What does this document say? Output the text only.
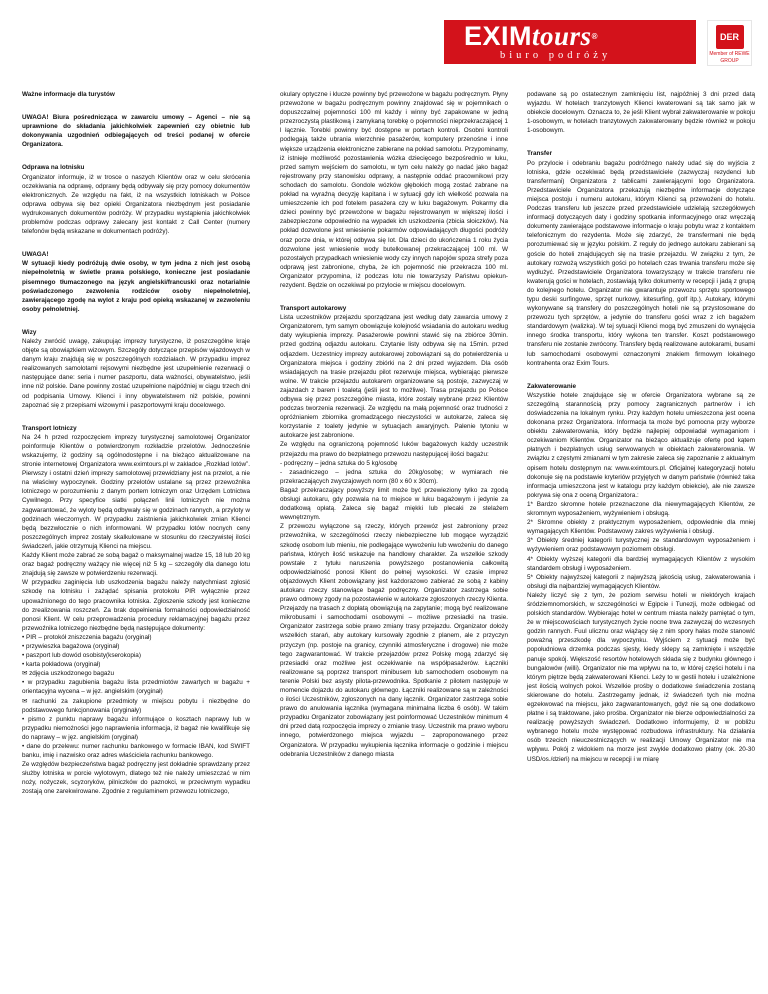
EXIMtours®
biuro podróży
DER
Member of REWE GROUP

Ważne informacje dla turystów

UWAGA! Biura pośrednicząca w zawarciu umowy – Agenci – nie są uprawnione do składania jakichkolwiek zapewnień czy obietnic lub dokonywania uzgodnień odbiegających od treści podanej w ofercie Organizatora.

Odprawa na lotnisku

Organizator informuje, iż w trosce o naszych Klientów oraz w celu skrócenia oczekiwania na odprawę, odprawy będą odbywały się przy pomocy dokumentów elektronicznych. Ze względu na fakt, iż na wszystkich lotniskach w Polsce odprawa odbywa się bez opieki Organizatora niezbędnym jest posiadanie wydrukowanych dokumentów podróży. W przypadku wystąpienia jakichkolwiek problemów podczas odprawy zalecany jest kontakt z Call Center (numery telefonów będą wskazane w dokumentach podróży).

UWAGA!

W sytuacji kiedy podróżują dwie osoby, w tym jedna z nich jest osobą niepełnoletnią w świetle prawa polskiego, konieczne jest posiadanie pisemnego tłumaczonego na język angielski/francuski oraz notarialnie poświadczonego zezwolenia rodziców osoby niepełnoletniej, zawierającego zgodę na wylot z kraju pod opieką wskazanej w zezwoleniu osoby pełnoletniej.

Wizy

Należy zwrócić uwagę, zakupując imprezy turystyczne, iż poszczególne kraje objęte są obowiązkiem wizowym. Szczegóły dotyczące przepisów wjazdowych w danym kraju znajdują się w poszczególnych rozdziałach. W przypadku imprez realizowanych samolotami rejsowymi niezbędne jest uzupełnienie rezerwacji o następujące dane: seria i numer paszportu, data ważności, obywatelstwo, jeśli inne niż polskie. Dane powinny zostać uzupełnione najpóźniej w ciągu trzech dni od podpisania Umowy. Klienci i inny obywatelstwem niż polskie, powinni zapoznać się z przepisami wizowymi i paszportowymi kraju docelowego.

Transport lotniczy

Na 24 h przed rozpoczęciem imprezy turystycznej samolotowej Organizator poinformuje Klientów o potwierdzonym rozkładzie przelotów. Jednocześnie wskazujemy, iż godziny są ogólnodostępne i na bieżąco aktualizowane na stronie internetowej Organizatora www.eximtours.pl w zakładce „Rozkład lotów”. Pierwszy i ostatni dzień imprezy samolotowej przewidziany jest na przelot, a nie na właściwy wypoczynek. Godziny przelotów ustalane są przez przewoźnika lotniczego w porozumieniu z danym portem lotniczym oraz Urzędem Lotnictwa Cywilnego. Przy specyfice siatki połączeń linii lotniczych nie można zagwarantować, że wyloty będą odbywały się w godzinach rannych, a przyloty w godzinach wieczornych. W przypadku zaistnienia jakichkolwiek zmian Klienci będą bezzwłocznie o nich informowani. W przypadku lotów nocnych ceny poszczególnych imprez zostały skalkulowane w stosunku do rzeczywistej ilości świadczeń, jakie otrzymują Klienci na miejscu.

Każdy Klient może zabrać ze sobą bagaż o maksymalnej wadze 15, 18 lub 20 kg oraz bagaż podręczny ważący nie więcej niż 5 kg – szczegóły dla danego lotu znajdują się zawsze w potwierdzeniu rezerwacji.

W przypadku zaginięcia lub uszkodzenia bagażu należy natychmiast zgłosić szkodę na lotnisku i zażądać spisania protokołu PIR wyłącznie przez upoważnionego do tego pracownika lotniska. Zgłoszenie szkody jest konieczne do zrealizowania roszczeń. Za brak dopełnienia formalności odpowiedzialność ponosi Klient. W celu przeprowadzenia procedury reklamacyjnej bagażu przez przewoźnika lotniczego niezbędne będą następujące dokumenty:

• PIR – protokół zniszczenia bagażu (oryginał)
• przywieszka bagażowa (oryginał)
• paszport lub dowód osobisty(kserokopia)
• karta pokładowa (oryginał)
✉ zdjęcia uszkodzonego bagażu
• w przypadku zagubienia bagażu lista przedmiotów zawartych w bagażu + orientacyjna wycena – w jęz. angielskim (oryginał)
✉ rachunki za zakupione przedmioty w miejscu pobytu i niezbędne do podstawowego funkcjonowania (oryginały)
• pismo z punktu naprawy bagażu informujące o kosztach naprawy lub w przypadku niemożności jego naprawienia informacja, iż bagaż nie kwalifikuje się do naprawy – w jęz. angielskim (oryginał)
• dane do przelewu: numer rachunku bankowego w formacie IBAN, kod SWIFT banku, imię i nazwisko oraz adres właściciela rachunku bankowego.

Ze względów bezpieczeństwa bagaż podręczny jest dokładnie sprawdzany przez służby lotniska w porcie wylotowym, dlatego też nie należy umieszczać w nim noży, nożyczek, scyzoryków, pilniczków do paznokci, w przeciwnym wypadku zostają one zarekwirowane. Zgodnie z regulaminem przewozu lotniczego,

okulary optyczne i klucze powinny być przewożone w bagażu podręcznym. Płyny przewożone w bagażu podręcznym powinny znajdować się w pojemnikach o dopuszczalnej pojemności 100 ml każdy i winny być zapakowane w jedną przezroczystą plastikową i zamykaną torebkę o pojemności nieprzekraczającej 1 l łącznie. Torebki powinny być dostępne w portach kontroli. Osobni kontroli podlegają także ubrania wierzchnie pasażerów, komputery przenośne i inne większe urządzenia elektroniczne zabierane na pokład samolotu. Przypominamy, iż istnieje możliwość pozostawienia wózka dziecięcego bezpośrednio w luku, przed samym wejściem do samolotu, w tym celu należy go nadać jako bagaż rejestrowany przy stanowisku odprawy, a następnie oddać pracownikowi przy schodach do samolotu. Gondole wózków głębokich mogą zostać zabrane na pokład na wyraźną decyzję kapitana i w sytuacji gdy ich wielkość pozwala na umieszczenie ich pod fotelem pasażera czy w luku bagażowym. Pokarmy dla dzieci powinny być przewożone w bagażu rejestrowanym w większej ilości i zabezpieczone odpowiednio na wypadek ich uszkodzenia (zbicia słoiczków). Na pokład dozwolone jest wniesienie pokarmów odpowiadających długości podróży oraz porze dnia, w której odbywa się lot. Dla dzieci do ukończenia 1 roku życia dozwolone jest wniesienie wody butelkowanej przekraczającej 100 ml. W pozostałych przypadkach wniesienie wody czy innych napojów spoza strefy poza odprawą jest zabronione, chyba, że ich pojemność nie przekracza 100 ml. Organizator przypomina, iż podczas lotu nie towarzyszy Państwu opiekun-rezydent. Będzie on oczekiwał po przylocie w miejscu docelowym.

Transport autokarowy

Lista uczestników przejazdu sporządzana jest według daty zawarcia umowy z Organizatorem, tym samym obowiązuje kolejność wsiadania do autokaru według daty wykupienia imprezy. Pasażerowie powinni stawić się na zbiórce 30min. przed godziną odjazdu autokaru. Czytanie listy odbywa się na 15min. przed odjazdem. Uczestnicy imprezy autokarowej zobowiązani są do potwierdzenia u Organizatora miejsca i godziny zbiórki na 2 dni przed wyjazdem. Dla osób wsiadających na trasie przejazdu pilot rezerwuje miejsca, wybierając pierwsze wolne. W trakcie przejazdu autokarem organizowane są postoje, zazwyczaj w zajazdach z barem i toaletą (jeśli jest to możliwe). Trasa przejazdu po Polsce odbywa się przez poszczególne miasta, które zostały wybrane przez Klientów podczas tworzenia rezerwacji. Ze względu na małą pojemność oraz trudności z opróżnianiem zbiornika gromadzącego nieczystości w autokarze, zaleca się korzystanie z toalety jedynie w sytuacjach awaryjnych. Palenie tytoniu w autokarze jest zabronione.

Ze względu na ograniczoną pojemność luków bagażowych każdy uczestnik przejazdu ma prawo do bezpłatnego przewozu następującej ilości bagażu:

- podręczny – jedna sztuka do 5 kg/osobę
- zasadniczego – jedna sztuka do 20kg/osobę; w wymiarach nie przekraczających zwyczajowych norm (80 x 60 x 30cm).
Bagaż przekraczający powyższy limit może być przewieziony tylko za zgodą obsługi autokaru, gdy pozwala na to miejsce w luku bagażowym i jedynie za dodatkową opłatą. Zaleca się bagaż miękki lub plecaki ze stelażem wewnętrznym.

Z przewozu wyłączone są rzeczy, których przewóz jest zabroniony przez przewoźnika, w szczególności rzeczy niebezpieczne lub mogące wyrządzić szkodę osobom lub mieniu, nie podlegające wywożeniu lub wwożeniu do danego państwa, których ilość wskazuje na handlowy charakter. Za wszelkie szkody powstałe z tytułu naruszenia powyższego postanowienia całkowitą odpowiedzialność ponosi Klient do pełnej wysokości. W czasie imprez objazdowych Klient zobowiązany jest każdorazowo zabierać ze sobą z kabiny autokaru rzeczy stanowiące bagaż podręczny. Organizator zastrzega sobie prawo odmowy zgody na pozostawienie w autokarze zgłoszonych rzeczy Klienta. Przejazdy na trasach z dopłatą obowiązują na zapytanie; mogą być realizowane mikrobusami i samochodami osobowymi – możliwe przesiadki na trasie. Organizator zastrzega sobie prawo zmiany trasy przejazdu. Organizator dołoży wszelkich starań, aby autokary kursowały zgodnie z planem, ale z przyczyn przyczyn (np. postoje na granicy, czynniki atmosferyczne i drogowe) nie może tego zagwarantować. W trakcie przejazdów przez Polskę mogą zdarzyć się przesiadki oraz możliwe jest oczekiwanie na współpasażerów. Łączniki realizowane są poprzez transport minibusem lub samochodem osobowym na terenie Polski bez asysty pilota-przewodnika. Spotkanie z pilotem następuje w momencie dojazdu do autokaru głównego. Łączniki realizowane są w zależności o ilości Uczestników, zgłoszonych na dany łącznik. Organizator zastrzega sobie prawo do anulowania łącznika (wymagana minimalna liczba 6 osób). W takim przypadku Organizator zobowiązany jest poinformować Uczestników minimum 4 dni przed datą rozpoczęcia imprezy o zmianie trasy. Uczestnik ma prawo wyboru innego, potwierdzonego miejsca wyjazdu – zaproponowanego przez Organizatora. W przypadku wykupienia łącznika informacje o godzinie i miejscu odebrania Uczestników z danego miasta

podawane są po ostatecznym zamknięciu list, najpóźniej 3 dni przed datą wyjazdu. W hotelach tranzytowych Klienci kwaterowani są tak samo jak w obiekcie docelowym. Oznacza to, że jeśli Klient wybrał zakwaterowanie w pokoju 1-osobowym, w hotelach tranzytowych zakwaterowany będzie również w pokoju 1-osobowym.

Transfer

Po przylocie i odebraniu bagażu podróżnego należy udać się do wyjścia z lotniska, gdzie oczekiwać będą przedstawiciele (zazwyczaj rezydenci lub transfermani) Organizatora z tablicami zawierającymi logo Organizatora. Przedstawiciele Organizatora przekazują niezbędne informacje dotyczące miejsca postoju i numeru autokaru, którym Klienci są przewożeni do hotelu. Podczas transferu lub jeszcze przed przedstawiciele udzielają szczegółowych informacji dotyczących daty i godziny spotkania informacyjnego oraz wręczają dokumenty zawierające podstawowe informacje o kraju pobytu wraz z kontaktem telefonicznym do rezydenta. Może się zdarzyć, że transfermani nie będą porozumiewać się w języku polskim. Z reguły do jednego autokaru zabierani są goście do hoteli znajdujących się na trasie przejazdu. W związku z tym, że autokary rozwożą wszystkich gości po hotelach czas trwania transferu może się wydłużyć. Przedstawiciele Organizatora towarzyszący w trakcie transferu nie kwaterują gości w hotelach, zostawiają tylko dokumenty w recepcji i jadą z grupą do kolejnego hotelu. Organizator nie gwarantuje przewozu sprzętu sportowego typu deski surfingowe, sprzęt nurkowy, kitesurfing, golf itp.). Autokary, którymi wykonywane są transfery do poszczególnych hoteli nie są przystosowane do przewozu tych sprzętów, a jedynie do transferu gości wraz z ich bagażem standardowym (walizka). W tej sytuacji Klienci mogą być zmuszeni do wynajęcia innego środka transportu, który wykona ten transfer. Koszt podstawowego transferu nie zostanie zwrócony. Transfery będą realizowane autokarami, busami lub samochodami osobowymi oznaczonymi znakiem firmowym lokalnego kontrahenta oraz Exim Tours.

Zakwaterowanie

Wszystkie hotele znajdujące się w ofercie Organizatora wybrane są ze szczególną starannością przy pomocy zagranicznych partnerów i ich doświadczenia na lokalnym rynku. Przy każdym hotelu umieszczona jest ocena dokonana przez Organizatora. Informacja ta może być pomocna przy wyborze obiektu zakwaterowania, który będzie najlepiej odpowiadał wymaganiom i oczekiwaniom Klientów. Organizator na bieżąco aktualizuje ofertę pod kątem płatnych i bezpłatnych usług serwowanych w obiektach zakwaterowania. W związku z częstymi zmianami w tym zakresie zaleca się zapoznanie z aktualnym opisem hotelu dostępnym na: www.eximtours.pl. Oficjalnej kategoryzacji hotelu dokonuje się na podstawie kryteriów przyjętych w danym państwie (również taka informacja umieszczona jest w katalogu przy każdym obiekcie), ale nie zawsze pokrywa się ona z oceną Organizatora.:

1* Bardzo skromne hotele przeznaczone dla niewymagających Klientów, ze skromnym wyposażeniem, wyżywieniem i obsługą.
2* Skromne obiekty z praktycznym wyposażeniem, odpowiednie dla mniej wymagających Klientów. Podstawowy zakres wyżywienia i obsługi.
3* Obiekty średniej kategorii turystycznej ze standardowym wyposażeniem i wyżywieniem oraz podstawowym poziomem obsługi.
4* Obiekty wyższej kategorii dla bardziej wymagających Klientów z wysokim standardem obsługi i wyposażeniem.
5* Obiekty najwyższej kategorii z najwyższą jakością usług, zakwaterowania i obsługi dla najbardziej wymagających Klientów.

Należy liczyć się z tym, że poziom serwisu hoteli w niektórych krajach śródziemnomorskich, w szczególności w Egipcie i Tunezji, może odbiegać od polskich standardów. Wybierając hotel w centrum miasta należy pamiętać o tym, że w miejscowościach turystycznych życie nocne trwa zazwyczaj do wczesnych godzin rannych. Fuul ulicznu oraz wiążący się z nim spory hałas może stanowić poważną przeszkodę dla wypoczynku. Wyjściem z sytuacji może być popołudniowa drzemka podczas sjesty, kiedy sklepy są zamknięte i wszędzie panuje spokój. Większość resortów hotelowych składa się z budynku głównego i bungalowów (willi). Organizator nie ma wpływu na to, w której części hotelu i na którym piętrze będą zakwaterowani Klienci. Leży to w gestii hotelu i uzależnione jest ilością wolnych pokoi. Wszelkie prośby o dodatkowe świadczenia zostaną skierowane do hotelu. Zastrzegamy jednak, iż świadczeń tych nie można egzekwować na miejscu, jako zagwarantowanych, gdyż nie są one dodatkowo płatne i są traktowane, jako prośba. Organizator nie bierze odpowiedzialności za realizację powyższych świadczeń. Dodatkowo informujemy, iż w pobliżu wybranego hotelu może występować rozbudowa infrastruktury. Na działania osób trzecich nieuczestniczących w realizacji Umowy Organizator nie ma wpływu. Pokój z widokiem na morze jest zwykle dodatkowo płatny (ok. 20-30 USD/os./dzień) na miejscu w recepcji i w miarę
